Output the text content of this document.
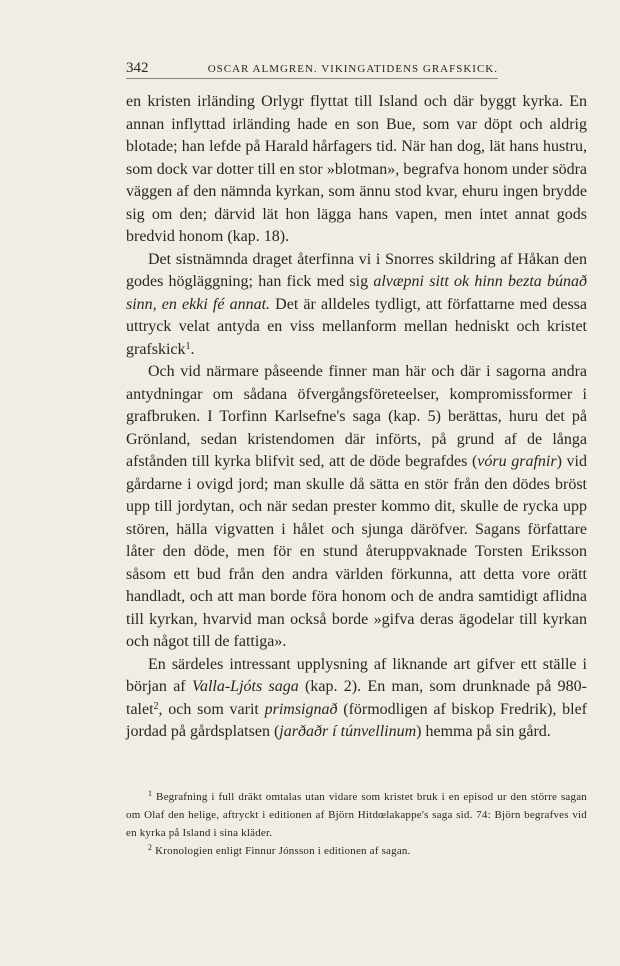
342	OSCAR ALMGREN. VIKINGATIDENS GRAFSKICK.

en kristen irländing Orlygr flyttat till Island och där byggt kyrka. En annan inflyttad irländing hade en son Bue, som var döpt och aldrig blotade; han lefde på Harald hårfagers tid. När han dog, lät hans hustru, som dock var dotter till en stor »blotman», begrafva honom under södra väggen af den nämnda kyrkan, som ännu stod kvar, ehuru ingen brydde sig om den; därvid lät hon lägga hans vapen, men intet annat gods bredvid honom (kap. 18).

Det sistnämnda draget återfinna vi i Snorres skildring af Håkan den godes högläggning; han fick med sig alvæpni sitt ok hinn bezta búnað sinn, en ekki fé annat. Det är alldeles tydligt, att författarne med dessa uttryck velat antyda en viss mellanform mellan hedniskt och kristet grafskick$^1$.

Och vid närmare påseende finner man här och där i sagorna andra antydningar om sådana öfvergångsföreteelser, kompromissformer i grafbruken. I Torfinn Karlsefne's saga (kap. 5) berättas, huru det på Grönland, sedan kristendomen där införts, på grund af de långa afstånden till kyrka blifvit sed, att de döde begrafdes (vóru grafnir) vid gårdarne i ovigd jord; man skulle då sätta en stör från den dödes bröst upp till jordytan, och när sedan prester kommo dit, skulle de rycka upp stören, hälla vigvatten i hålet och sjunga däröfver. Sagans författare låter den döde, men för en stund återuppvaknade Torsten Eriksson såsom ett bud från den andra världen förkunna, att detta vore orätt handladt, och att man borde föra honom och de andra samtidigt aflidna till kyrkan, hvarvid man också borde »gifva deras ägodelar till kyrkan och något till de fattiga».

En särdeles intressant upplysning af liknande art gifver ett ställe i början af Valla-Ljóts saga (kap. 2). En man, som drunknade på 980-talet$^2$, och som varit primsignað (förmodligen af biskop Fredrik), blef jordad på gårdsplatsen (jarðaðr í túnvellinum) hemma på sin gård.

$^1$ Begrafning i full dräkt omtalas utan vidare som kristet bruk i en episod ur den större sagan om Olaf den helige, aftryckt i editionen af Björn Hitdœlakappe's saga sid. 74: Björn begrafves vid en kyrka på Island i sina kläder.

$^2$ Kronologien enligt Finnur Jónsson i editionen af sagan.
